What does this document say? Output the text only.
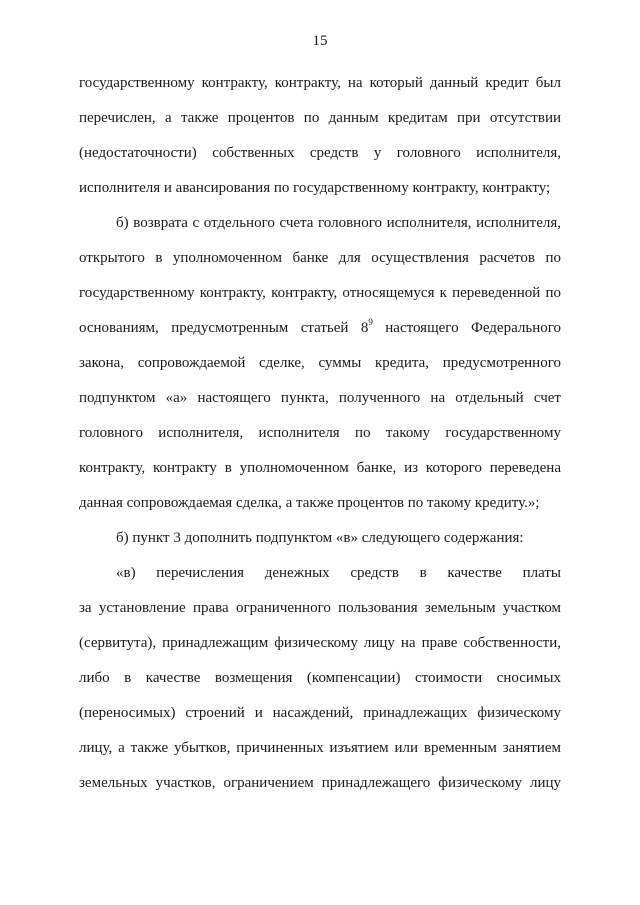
15
государственному контракту, контракту, на который данный кредит был
перечислен, а также процентов по данным кредитам при отсутствии
(недостаточности) собственных средств у головного исполнителя,
исполнителя и авансирования по государственному контракту, контракту;
б) возврата с отдельного счета головного исполнителя, исполнителя,
открытого в уполномоченном банке для осуществления расчетов по
государственному контракту, контракту, относящемуся к переведенной по
основаниям, предусмотренным статьей $8^9$ настоящего Федерального
закона, сопровождаемой сделке, суммы кредита, предусмотренного
подпунктом «а» настоящего пункта, полученного на отдельный счет
головного исполнителя, исполнителя по такому государственному
контракту, контракту в уполномоченном банке, из которого переведена
данная сопровождаемая сделка, а также процентов по такому кредиту.»;
б) пункт 3 дополнить подпунктом «в» следующего содержания:
«в) перечисления денежных средств в качестве платы
за установление права ограниченного пользования земельным участком
(сервитута), принадлежащим физическому лицу на праве собственности,
либо в качестве возмещения (компенсации) стоимости сносимых
(переносимых) строений и насаждений, принадлежащих физическому
лицу, а также убытков, причиненных изъятием или временным занятием
земельных участков, ограничением принадлежащего физическому лицу
